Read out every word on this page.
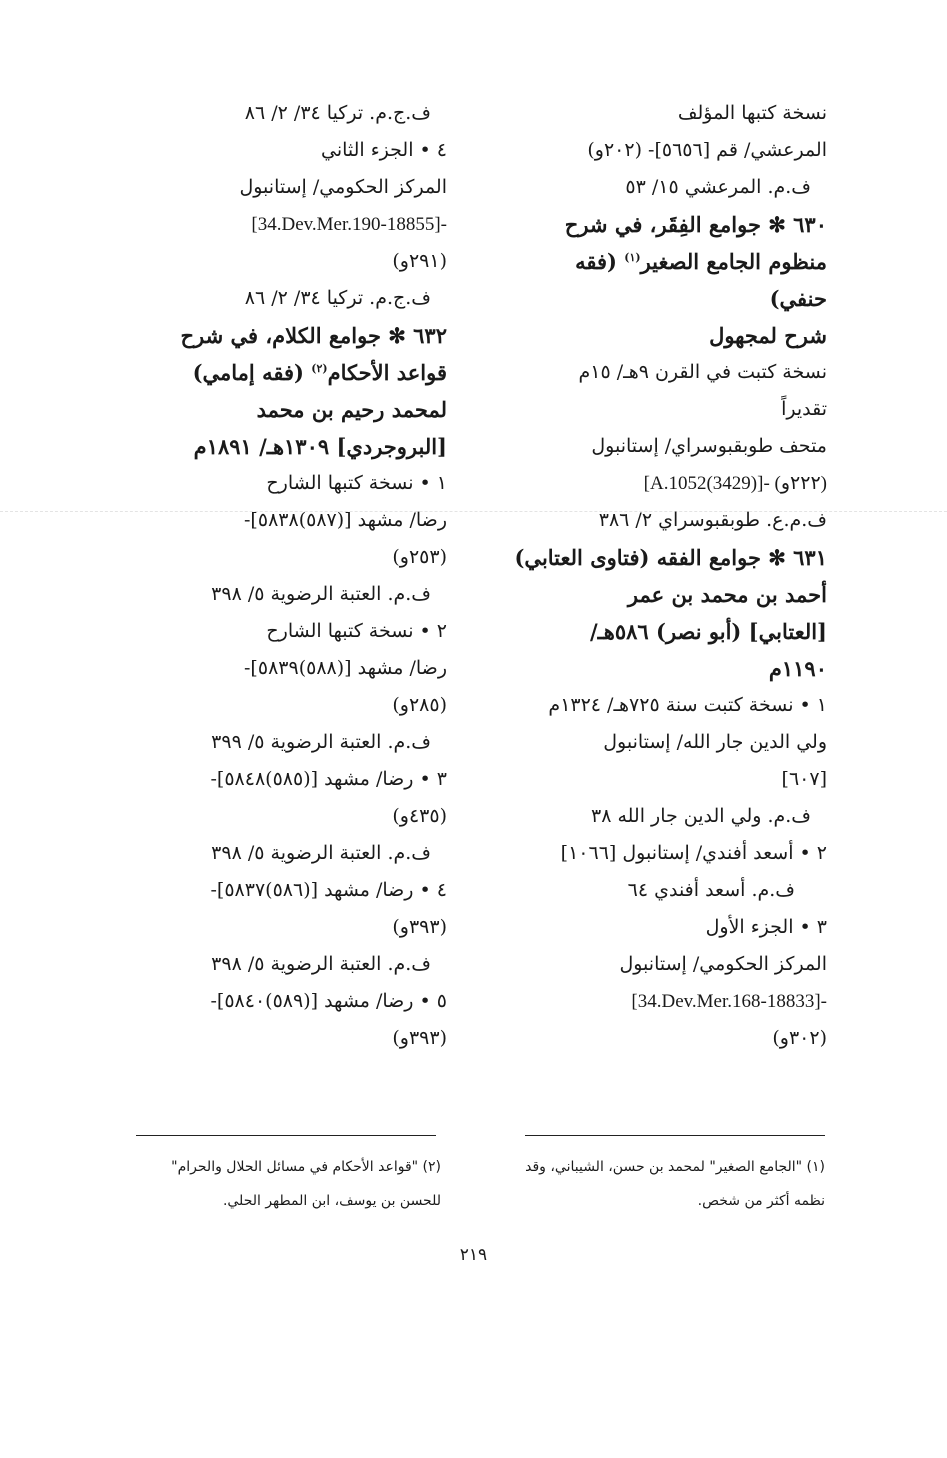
نسخة كتبها المؤلف
المرعشي/ قم [٥٦٥٦]- (٢٠٢و)
ف.م. المرعشي ١٥/ ٥٣
٦٣٠ ✻ جوامع الفِقَر، في شرح
منظوم الجامع الصغير$^{(١)}$ (فقه
حنفي)
شرح لمجهول
نسخة كتبت في القرن ٩هـ/ ١٥م
تقديراً
متحف طوبقبوسراي/ إستانبول
[A.1052(3429)]- (٢٢٢و)
ف.م.ع. طوبقبوسراي ٢/ ٣٨٦
٦٣١ ✻ جوامع الفقه (فتاوى العتابي)
أحمد بن محمد بن عمر
[العتابي] (أبو نصر) ٥٨٦هـ/
١١٩٠م
١ • نسخة كتبت سنة ٧٢٥هـ/ ١٣٢٤م
ولي الدين جار الله/ إستانبول
[٦٠٧]
ف.م. ولي الدين جار الله ٣٨
٢ • أسعد أفندي/ إستانبول [١٠٦٦]
ف.م. أسعد أفندي ٦٤
٣ • الجزء الأول
المركز الحكومي/ إستانبول
[34.Dev.Mer.168-18833]-
(٣٠٢و)
ف.ج.م. تركيا ٣٤/ ٢/ ٨٦
٤ • الجزء الثاني
المركز الحكومي/ إستانبول
[34.Dev.Mer.190-18855]-
(٢٩١و)
ف.ج.م. تركيا ٣٤/ ٢/ ٨٦
٦٣٢ ✻ جوامع الكلام، في شرح
قواعد الأحكام$^{(٢)}$ (فقه إمامي)
لمحمد رحيم بن محمد
[البروجردي] ١٣٠٩هـ/ ١٨٩١م
١ • نسخة كتبها الشارح
رضا/ مشهد [(٥٨٧)٥٨٣٨]-
(٢٥٣و)
ف.م. العتبة الرضوية ٥/ ٣٩٨
٢ • نسخة كتبها الشارح
رضا/ مشهد [(٥٨٨)٥٨٣٩]-
(٢٨٥و)
ف.م. العتبة الرضوية ٥/ ٣٩٩
٣ • رضا/ مشهد [(٥٨٥)٥٨٤٨]-
(٤٣٥و)
ف.م. العتبة الرضوية ٥/ ٣٩٨
٤ • رضا/ مشهد [(٥٨٦)٥٨٣٧]-
(٣٩٣و)
ف.م. العتبة الرضوية ٥/ ٣٩٨
٥ • رضا/ مشهد [(٥٨٩)٥٨٤٠]-
(٣٩٣و)
(١) "الجامع الصغير" لمحمد بن حسن، الشيباني، وقد
نظمه أكثر من شخص.
(٢) "قواعد الأحكام في مسائل الحلال والحرام"
للحسن بن يوسف، ابن المطهر الحلي.
٢١٩
